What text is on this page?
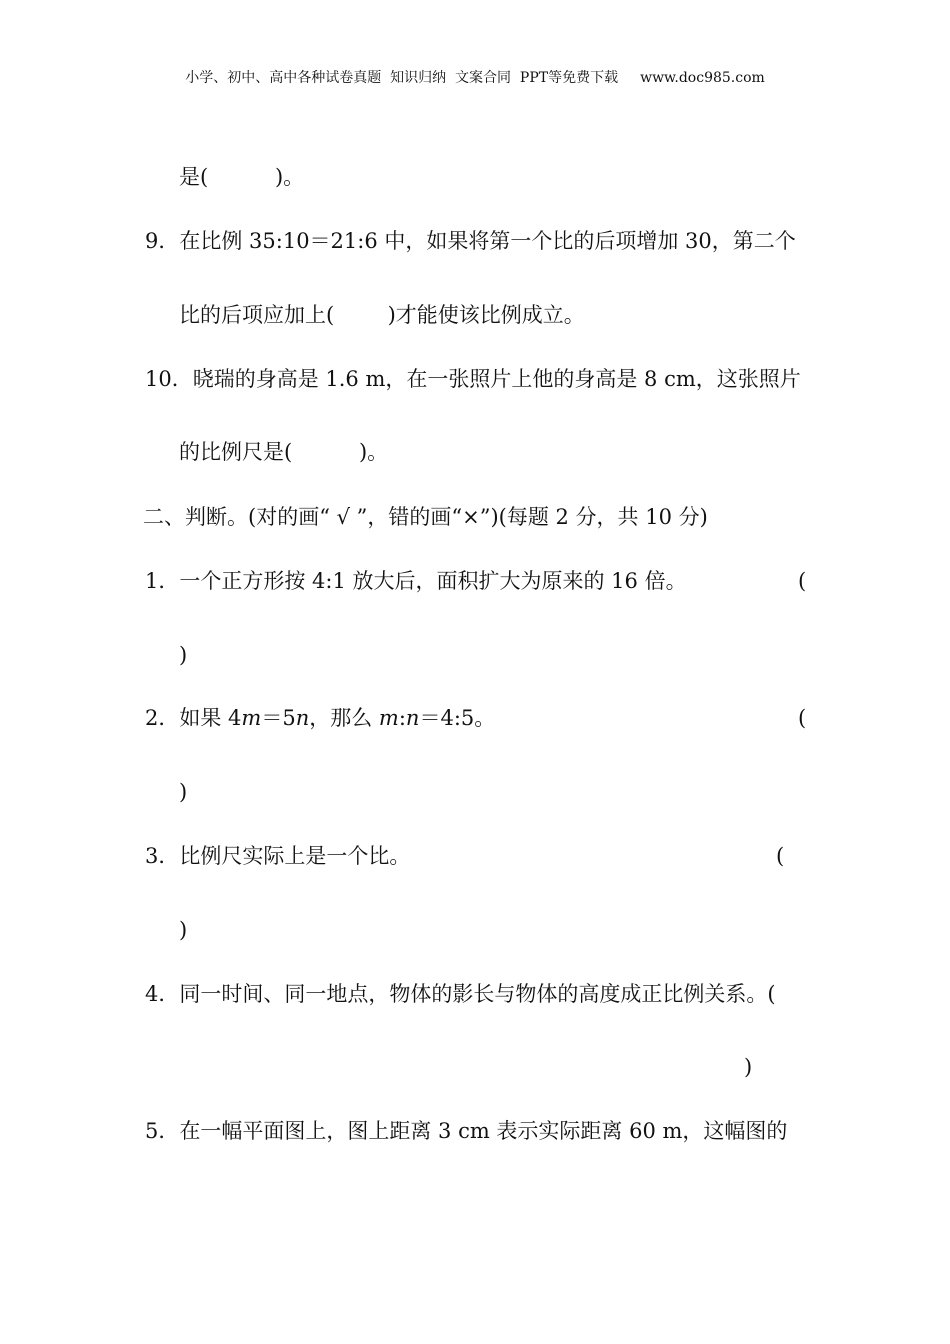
小学、初中、高中各种试卷真题  知识归纳  文案合同  PPT等免费下载 www.doc985.com
是(          )。
9．在比例 35:10＝21:6 中，如果将第一个比的后项增加 30，第二个
比的后项应加上(        )才能使该比例成立。
10．晓瑞的身高是 1.6 m，在一张照片上他的身高是 8 cm，这张照片
的比例尺是(          )。
二、判断。(对的画“ √ ”，错的画“×”)(每题 2 分，共 10 分)
1．一个正方形按 4:1 放大后，面积扩大为原来的 16 倍。	(
)
2．如果 4m＝5n，那么 m:n＝4:5。	(
)
3．比例尺实际上是一个比。	(
)
4．同一时间、同一地点，物体的影长与物体的高度成正比例关系。(
)
5．在一幅平面图上，图上距离 3 cm 表示实际距离 60 m，这幅图的
